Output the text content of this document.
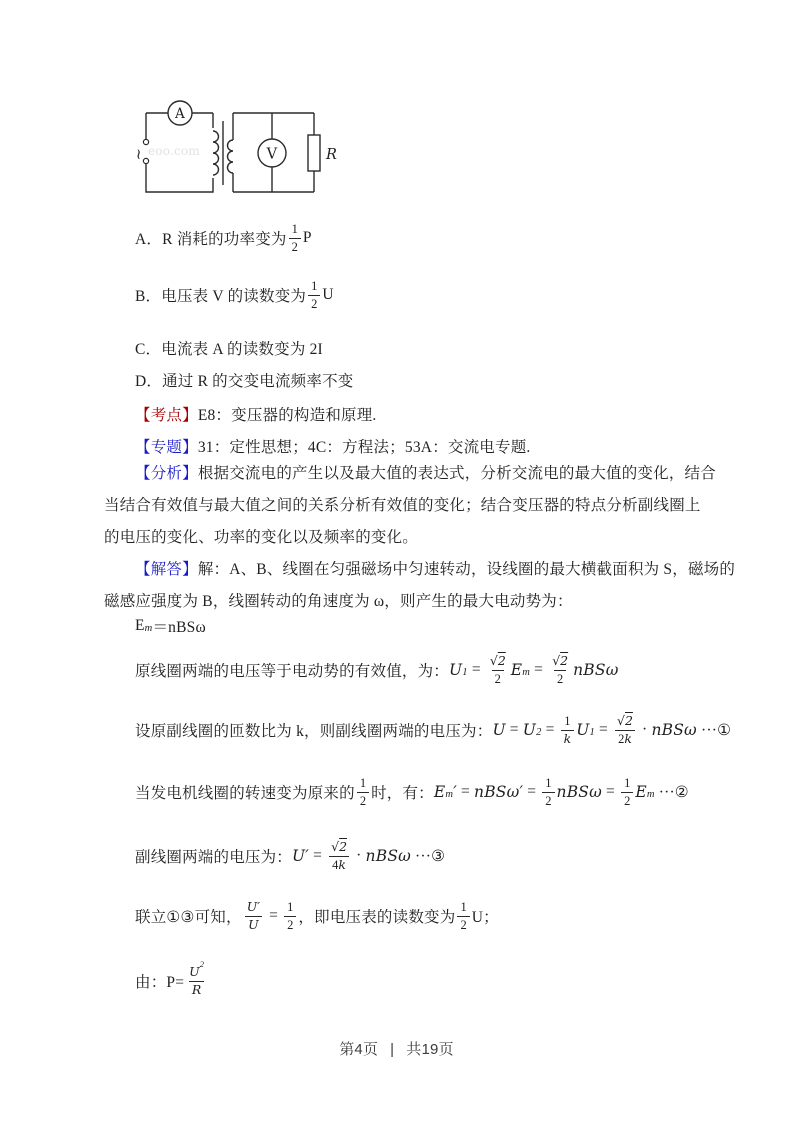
eoo.com
~
A
V	R
A．R 消耗的功率变为 $\frac{1}{2}$ P
B．电压表 V 的读数变为 $\frac{1}{2}$ U
C．电流表 A 的读数变为 2I
D．通过 R 的交变电流频率不变
【考点】E8：变压器的构造和原理.
【专题】31：定性思想；4C：方程法；53A：交流电专题.
【分析】根据交流电的产生以及最大值的表达式，分析交流电的最大值的变化，结合
当结合有效值与最大值之间的关系分析有效值的变化；结合变压器的特点分析副线圈上
的电压的变化、功率的变化以及频率的变化。
【解答】解：A、B、线圈在匀强磁场中匀速转动，设线圈的最大横截面积为 S，磁场的
磁感应强度为 B，线圈转动的角速度为 ω，则产生的最大电动势为：
$E_m =nBS\omega$
原线圈两端的电压等于电动势的有效值，为： $U_1 = \frac{√2}{2} E_m = \frac{√2}{2}$ nBSω
设原副线圈的匝数比为 k，则副线圈两端的电压为： $U = U_2 = \frac{1}{k} U_1 = \frac{√2}{2k} \cdot nBS\omega$ ···①
当发电机线圈的转速变为原来的 $\frac{1}{2}$ 时，有： $E_m$ ′ = $nBS\omega' = \frac{1}{2}$ $nBS\omega = \frac{1}{2} E_m$ ···②
副线圈两端的电压为： U ′ = $\frac{√2}{4k} \cdot nBS\omega$ ···③
联立①③可知， $\frac{U'}{U} = \frac{1}{2}$ ，即电压表的读数变为 $\frac{1}{2}$ U；
由：$P= \frac{U^2}{R}$
第4页 | 共19页
